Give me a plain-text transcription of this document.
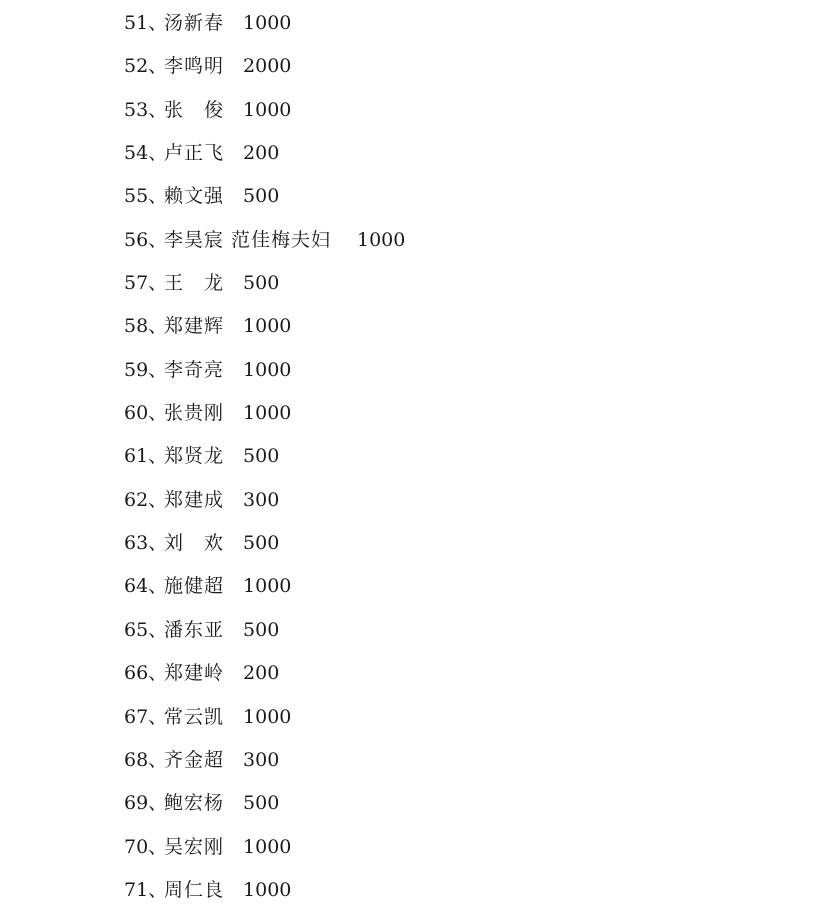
51、
汤新春 1000
52、
李鸣明 2000
53、
张　俊 1000
54、
卢正飞 200
55、
赖文强 500
56、
李昊宸 范佳梅夫妇	1000
57、
王　龙 500
58、
郑建辉 1000
59、
李奇亮 1000
60、
张贵刚 1000
61、
郑贤龙 500
62、
郑建成 300
63、
刘　欢 500
64、
施健超 1000
65、
潘东亚 500
66、
郑建岭 200
67、
常云凯 1000
68、
齐金超 300
69、
鲍宏杨 500
70、
吴宏刚 1000
71、
周仁良 1000
